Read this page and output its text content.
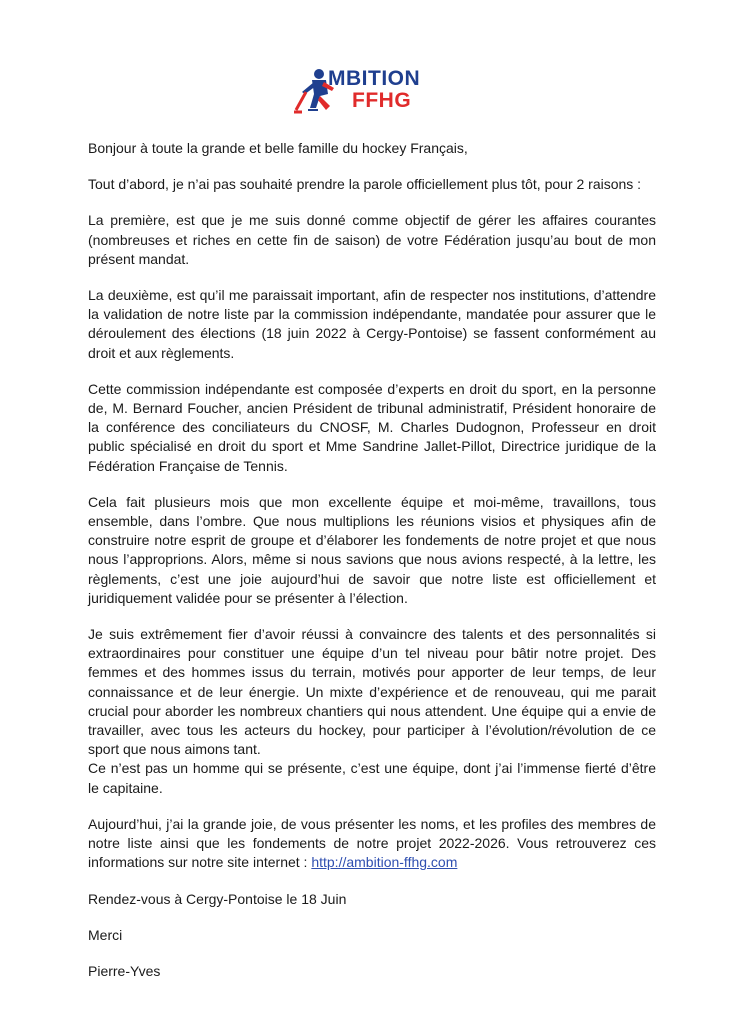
MBITION
FFHG

Bonjour à toute la grande et belle famille du hockey Français,

Tout d’abord, je n’ai pas souhaité prendre la parole officiellement plus tôt, pour 2 raisons :

La première, est que je me suis donné comme objectif de gérer les affaires courantes (nombreuses et riches en cette fin de saison) de votre Fédération jusqu’au bout de mon présent mandat.

La deuxième, est qu’il me paraissait important, afin de respecter nos institutions, d’attendre la validation de notre liste par la commission indépendante, mandatée pour assurer que le déroulement des élections (18 juin 2022 à Cergy-Pontoise) se fassent conformément au droit et aux règlements.

Cette commission indépendante est composée d’experts en droit du sport, en la personne de, M. Bernard Foucher, ancien Président de tribunal administratif, Président honoraire de la conférence des conciliateurs du CNOSF, M. Charles Dudognon, Professeur en droit public spécialisé en droit du sport et Mme Sandrine Jallet-Pillot, Directrice juridique de la Fédération Française de Tennis.

Cela fait plusieurs mois que mon excellente équipe et moi-même, travaillons, tous ensemble, dans l’ombre. Que nous multiplions les réunions visios et physiques afin de construire notre esprit de groupe et d’élaborer les fondements de notre projet et que nous nous l’approprions. Alors, même si nous savions que nous avions respecté, à la lettre, les règlements, c’est une joie aujourd’hui de savoir que notre liste est officiellement et juridiquement validée pour se présenter à l’élection.

Je suis extrêmement fier d’avoir réussi à convaincre des talents et des personnalités si extraordinaires pour constituer une équipe d’un tel niveau pour bâtir notre projet. Des femmes et des hommes issus du terrain, motivés pour apporter de leur temps, de leur connaissance et de leur énergie. Un mixte d’expérience et de renouveau, qui me parait crucial pour aborder les nombreux chantiers qui nous attendent. Une équipe qui a envie de travailler, avec tous les acteurs du hockey, pour participer à l’évolution/révolution de ce sport que nous aimons tant.

Ce n’est pas un homme qui se présente, c’est une équipe, dont j’ai l’immense fierté d’être le capitaine.

Aujourd’hui, j’ai la grande joie, de vous présenter les noms, et les profiles des membres de notre liste ainsi que les fondements de notre projet 2022-2026. Vous retrouverez ces informations sur notre site internet : http://ambition-ffhg.com

Rendez-vous à Cergy-Pontoise le 18 Juin

Merci

Pierre-Yves
